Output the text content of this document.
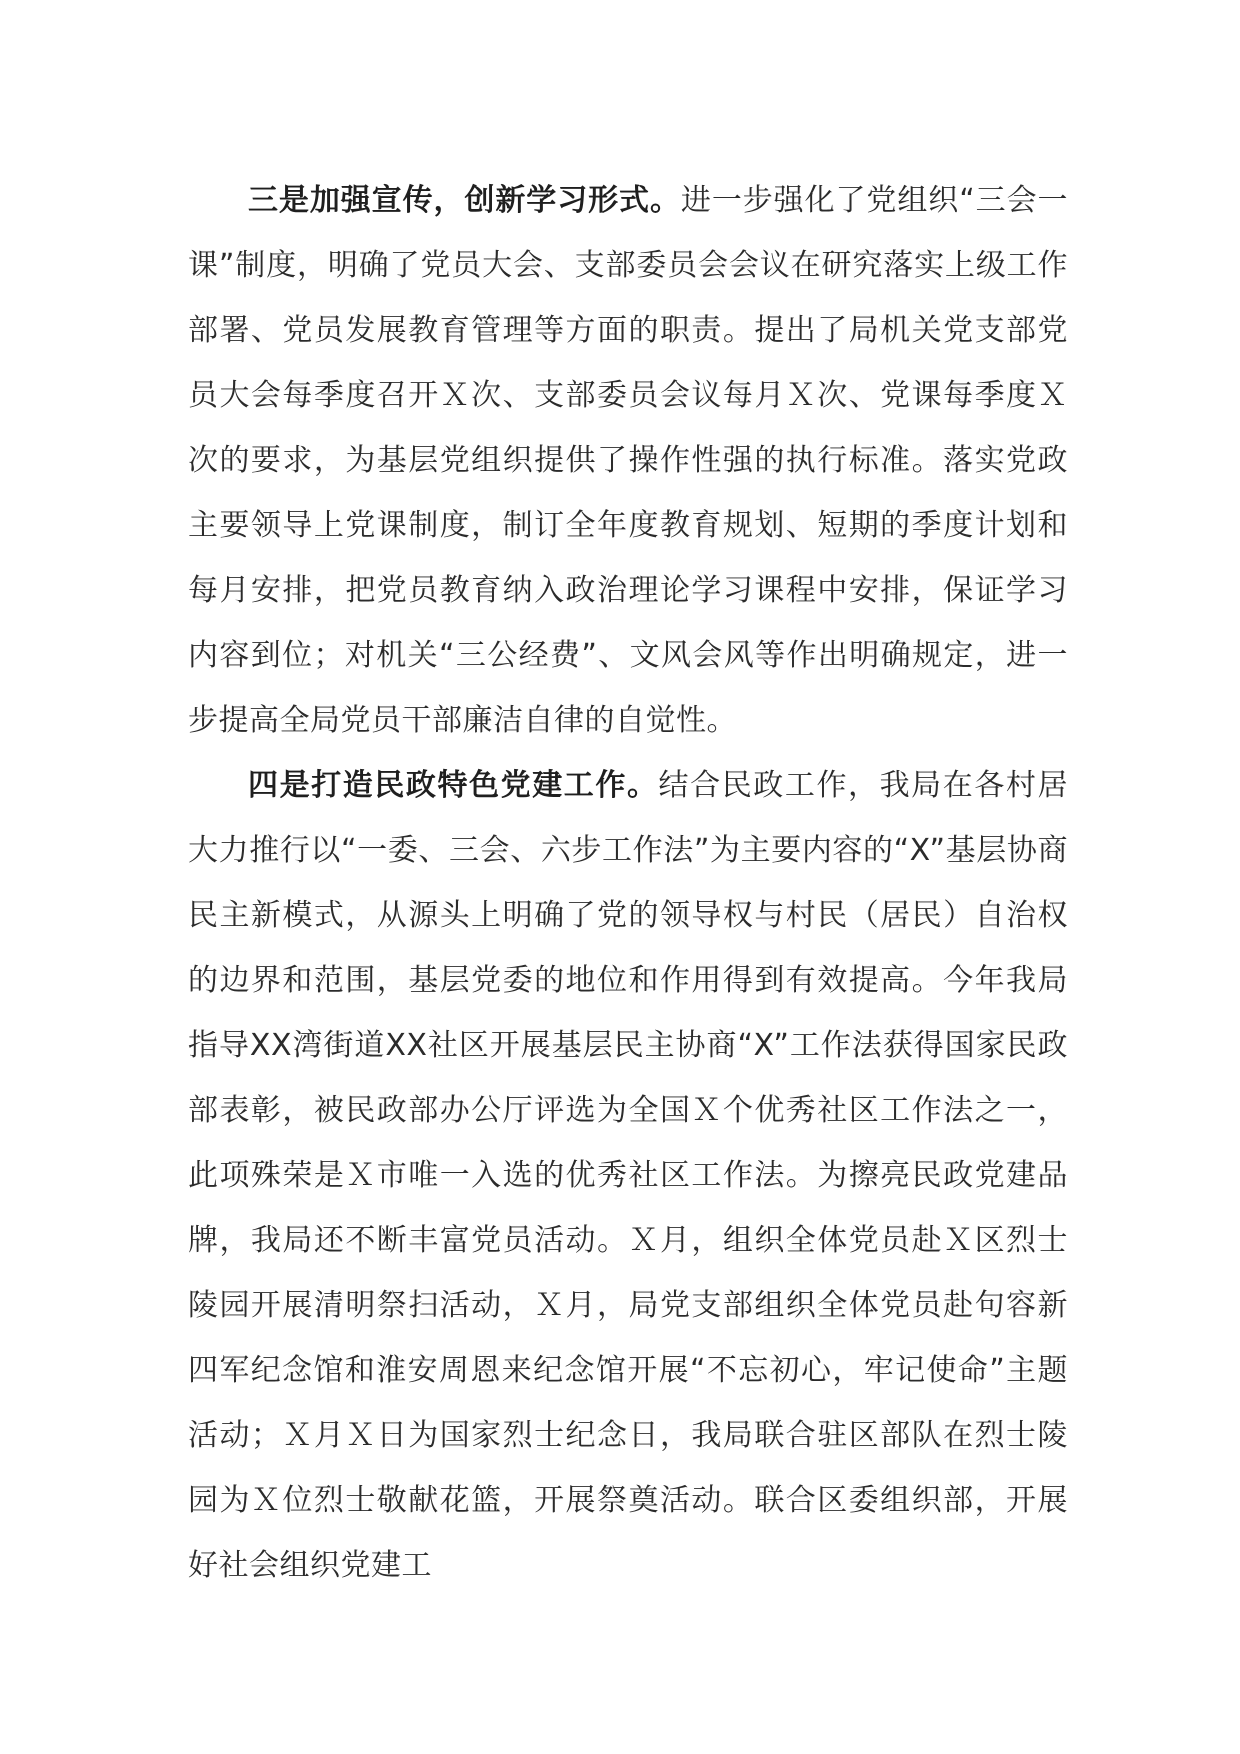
三是加强宣传，创新学习形式。进一步强化了党组织“三会一课”制度，明确了党员大会、支部委员会会议在研究落实上级工作部署、党员发展教育管理等方面的职责。提出了局机关党支部党员大会每季度召开Ｘ次、支部委员会议每月Ｘ次、党课每季度Ｘ次的要求，为基层党组织提供了操作性强的执行标准。落实党政主要领导上党课制度，制订全年度教育规划、短期的季度计划和每月安排，把党员教育纳入政治理论学习课程中安排，保证学习内容到位；对机关“三公经费”、文风会风等作出明确规定，进一步提高全局党员干部廉洁自律的自觉性。

四是打造民政特色党建工作。结合民政工作，我局在各村居大力推行以“一委、三会、六步工作法”为主要内容的“X”基层协商民主新模式，从源头上明确了党的领导权与村民（居民）自治权的边界和范围，基层党委的地位和作用得到有效提高。今年我局指导XX湾街道XX社区开展基层民主协商“X”工作法获得国家民政部表彰，被民政部办公厅评选为全国Ｘ个优秀社区工作法之一，此项殊荣是Ｘ市唯一入选的优秀社区工作法。为擦亮民政党建品牌，我局还不断丰富党员活动。Ｘ月，组织全体党员赴Ｘ区烈士陵园开展清明祭扫活动，Ｘ月，局党支部组织全体党员赴句容新四军纪念馆和淮安周恩来纪念馆开展“不忘初心，牢记使命”主题活动；Ｘ月Ｘ日为国家烈士纪念日，我局联合驻区部队在烈士陵园为Ｘ位烈士敬献花篮，开展祭奠活动。联合区委组织部，开展好社会组织党建工
